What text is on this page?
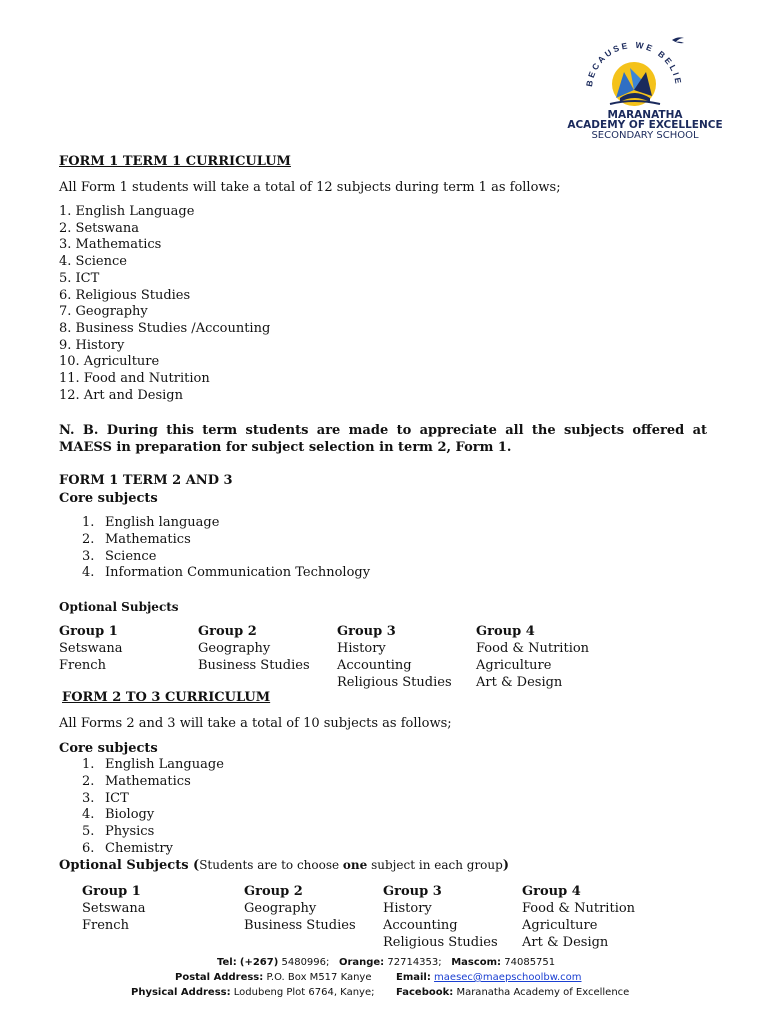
BECAUSE WE BELIE
MARANATHA
ACADEMY OF EXCELLENCE
SECONDARY SCHOOL
FORM 1 TERM 1 CURRICULUM
All Form 1 students will take a total of 12 subjects during term 1 as follows;
1. English Language
2. Setswana
3. Mathematics
4. Science
5. ICT
6. Religious Studies
7. Geography
8. Business Studies /Accounting
9. History
10. Agriculture
11. Food and Nutrition
12. Art and Design
N. B. During this term students are made to appreciate all the subjects offered at MAESS in preparation for subject selection in term 2, Form 1.
FORM 1 TERM 2 AND 3
Core subjects
1. English language
2. Mathematics
3. Science
4. Information Communication Technology
Optional Subjects
Group 1
Setswana
French
Group 2
Geography
Business Studies
Group 3
History
Accounting
Religious Studies
Group 4
Food & Nutrition
Agriculture
Art & Design
FORM 2 TO 3 CURRICULUM
All Forms 2 and 3 will take a total of 10 subjects as follows;
Core subjects
1. English Language
2. Mathematics
3. ICT
4. Biology
5. Physics
6. Chemistry
Optional Subjects (Students are to choose one subject in each group)
Group 1
Setswana
French
Group 2
Geography
Business Studies
Group 3
History
Accounting
Religious Studies
Group 4
Food & Nutrition
Agriculture
Art & Design
Tel: (+267) 5480996; Orange: 72714353; Mascom: 74085751
Postal Address: P.O. Box M517 Kanye Email: maesec@maepschoolbw.com
Physical Address: Lodubeng Plot 6764, Kanye; Facebook: Maranatha Academy of Excellence
